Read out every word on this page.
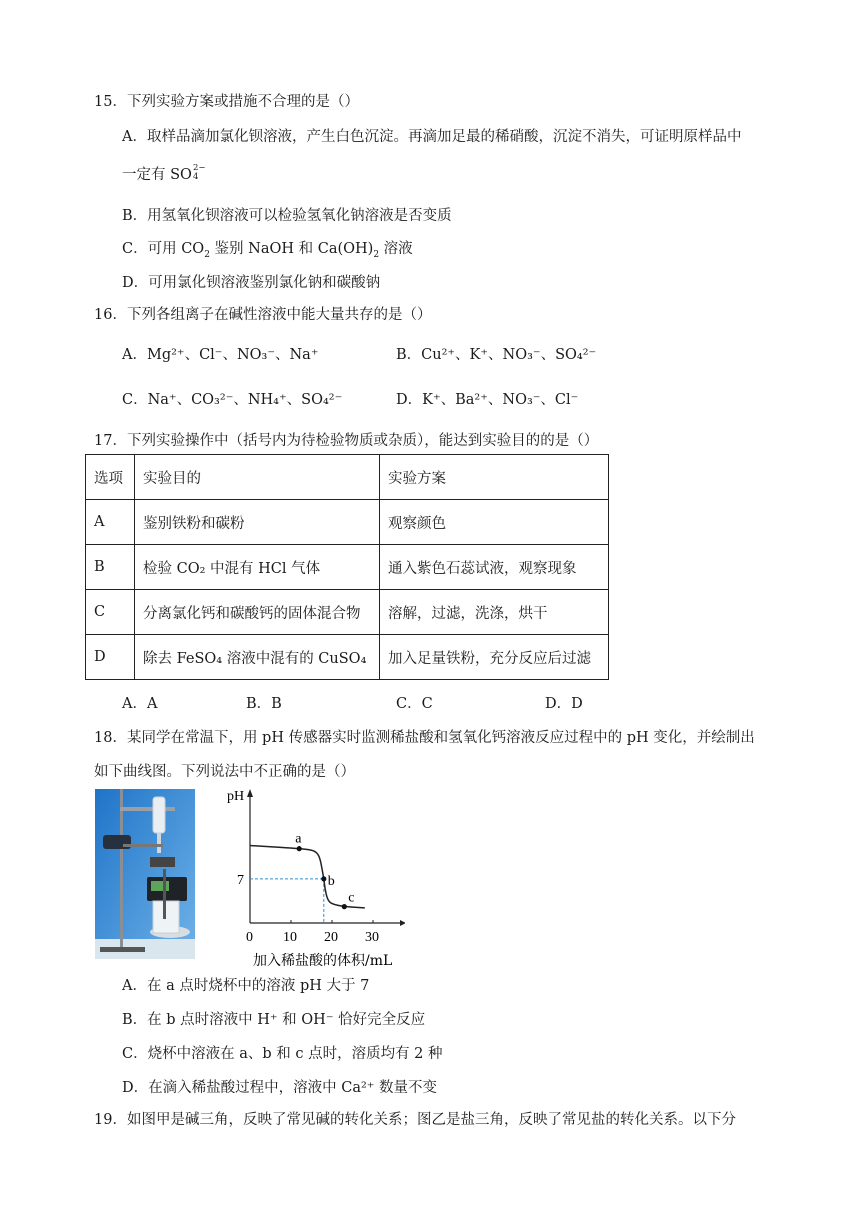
15．下列实验方案或措施不合理的是（）
A．取样品滴加氯化钡溶液，产生白色沉淀。再滴加足最的稀硝酸，沉淀不消失，可证明原样品中
一定有 SO 2−
4
B．用氢氧化钡溶液可以检验氢氧化钠溶液是否变质
C．可用 $CO_2$ 鉴别 NaOH 和 $Ca(OH)_2$ 溶液
D．可用氯化钡溶液鉴别氯化钠和碳酸钠
16．下列各组离子在碱性溶液中能大量共存的是（）
A．Mg²⁺、Cl⁻、NO₃⁻、Na⁺	B．Cu²⁺、K⁺、NO₃⁻、SO₄²⁻
C．Na⁺、CO₃²⁻、NH₄⁺、SO₄²⁻	D．K⁺、Ba²⁺、NO₃⁻、Cl⁻
17．下列实验操作中（括号内为待检验物质或杂质），能达到实验目的的是（）
选项	实验目的	实验方案
A	鉴别铁粉和碳粉	观察颜色
B	检验 CO₂ 中混有 HCl 气体	通入紫色石蕊试液，观察现象
C	分离氯化钙和碳酸钙的固体混合物	溶解，过滤，洗涤，烘干
D	除去 FeSO₄ 溶液中混有的 CuSO₄	加入足量铁粉，充分反应后过滤
A．A	B．B	C．C	D．D
18．某同学在常温下，用 pH 传感器实时监测稀盐酸和氢氧化钙溶液反应过程中的 pH 变化，并绘制出
如下曲线图。下列说法中不正确的是（）
pH
加入稀盐酸的体积/mL
0 10 20 30
7
a
b
c
A．在 a 点时烧杯中的溶液 pH 大于 7
B．在 b 点时溶液中 H⁺ 和 OH⁻ 恰好完全反应
C．烧杯中溶液在 a、b 和 c 点时，溶质均有 2 种
D．在滴入稀盐酸过程中，溶液中 Ca²⁺ 数量不变
19．如图甲是碱三角，反映了常见碱的转化关系；图乙是盐三角，反映了常见盐的转化关系。以下分
